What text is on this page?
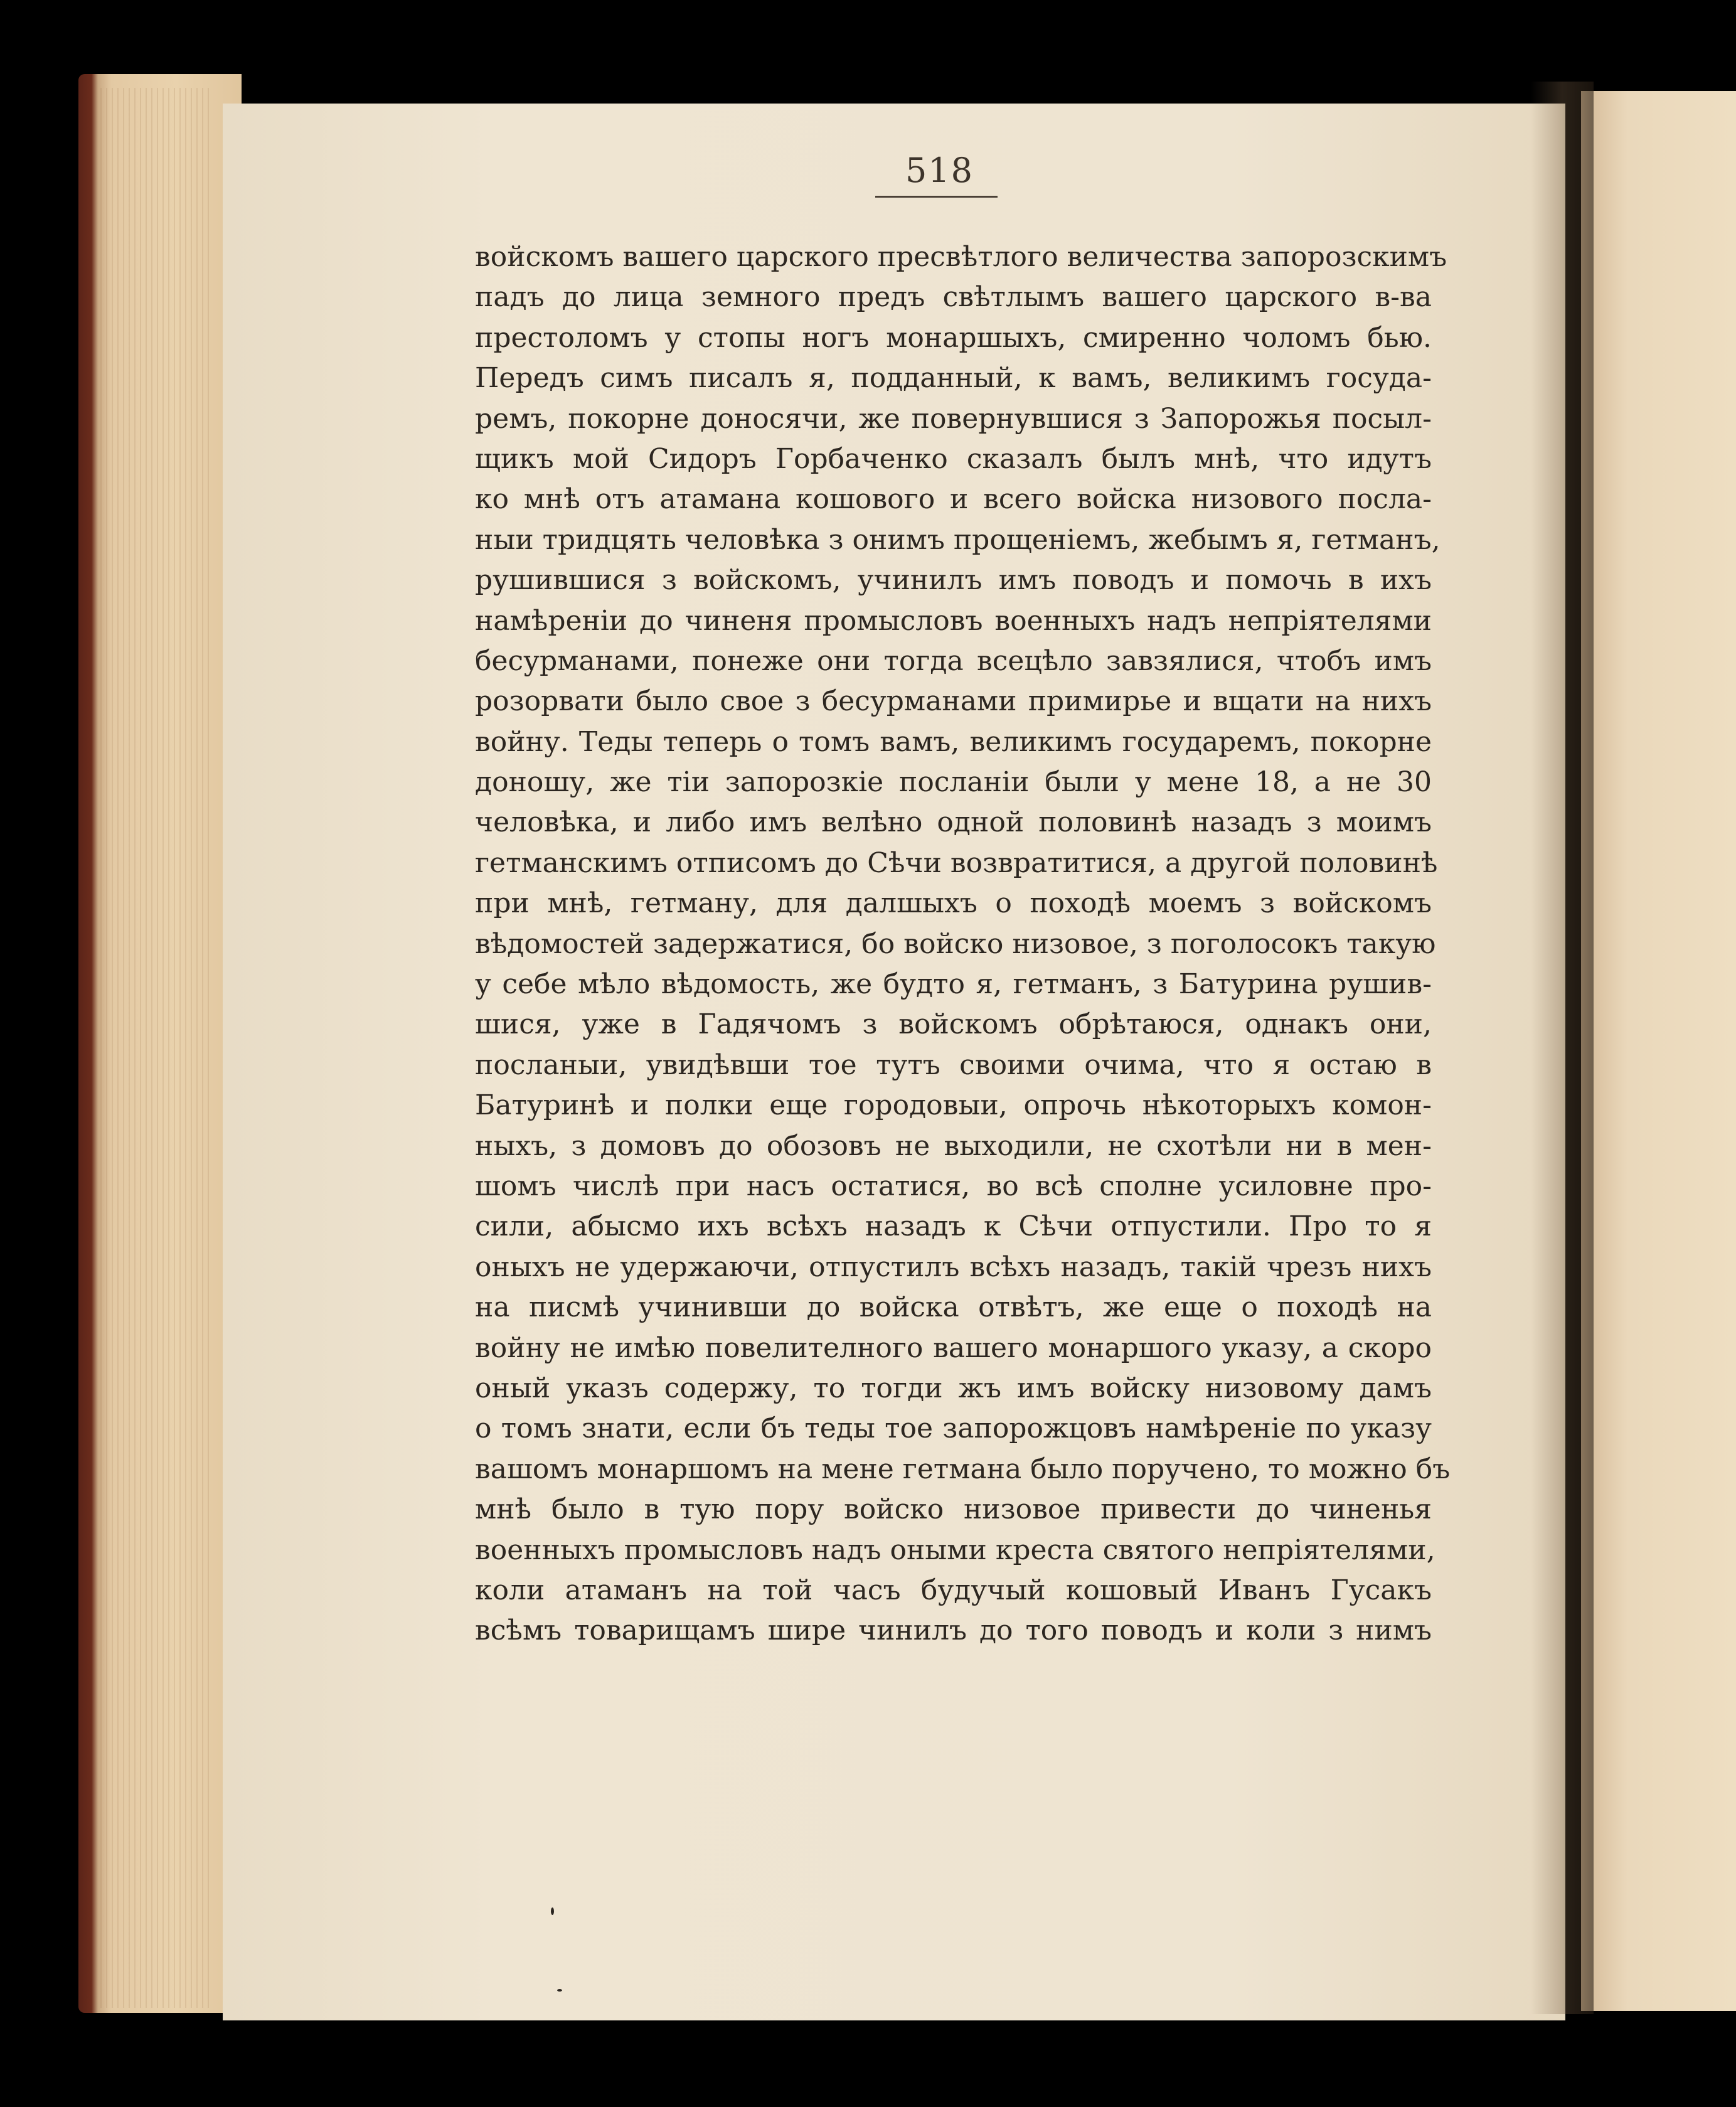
518
войскомъ вашего царского пресвѣтлого величества запорозскимъ
падъ до лица земного предъ свѣтлымъ вашего царского в-ва
престоломъ у стопы ногъ монаршыхъ, смиренно чоломъ бью.
Передъ симъ писалъ я, подданный, к вамъ, великимъ госуда-
ремъ, покорне доносячи, же повернувшися з Запорожья посыл-
щикъ мой Сидоръ Горбаченко сказалъ былъ мнѣ, что идутъ
ко мнѣ отъ атамана кошового и всего войска низового посла-
ныи тридцять человѣка з онимъ прощеніемъ, жебымъ я, гетманъ,
рушившися з войскомъ, учинилъ имъ поводъ и помочь в ихъ
намѣреніи до чиненя промысловъ военныхъ надъ непріятелями
бесурманами, понеже они тогда всецѣло завзялися, чтобъ имъ
розорвати было свое з бесурманами примирье и вщати на нихъ
войну. Теды теперь о томъ вамъ, великимъ государемъ, покорне
доношу, же тіи запорозкіе посланіи были у мене 18, а не 30
человѣка, и либо имъ велѣно одной половинѣ назадъ з моимъ
гетманскимъ отписомъ до Сѣчи возвратитися, а другой половинѣ
при мнѣ, гетману, для далшыхъ о походѣ моемъ з войскомъ
вѣдомостей задержатися, бо войско низовое, з поголосокъ такую
у себе мѣло вѣдомость, же будто я, гетманъ, з Батурина рушив-
шися, уже в Гадячомъ з войскомъ обрѣтаюся, однакъ они,
посланыи, увидѣвши тое тутъ своими очима, что я остаю в
Батуринѣ и полки еще городовыи, опрочь нѣкоторыхъ комон-
ныхъ, з домовъ до обозовъ не выходили, не схотѣли ни в мен-
шомъ числѣ при насъ остатися, во всѣ сполне усиловне про-
сили, абысмо ихъ всѣхъ назадъ к Сѣчи отпустили. Про то я
оныхъ не удержаючи, отпустилъ всѣхъ назадъ, такій чрезъ нихъ
на писмѣ учинивши до войска отвѣтъ, же еще о походѣ на
войну не имѣю повелителного вашего монаршого указу, а скоро
оный указъ содержу, то тогди жъ имъ войску низовому дамъ
о томъ знати, если бъ теды тое запорожцовъ намѣреніе по указу
вашомъ монаршомъ на мене гетмана было поручено, то можно бъ
мнѣ было в тую пору войско низовое привести до чиненья
военныхъ промысловъ надъ оными креста святого непріятелями,
коли атаманъ на той часъ будучый кошовый Иванъ Гусакъ
всѣмъ товарищамъ шире чинилъ до того поводъ и коли з нимъ
